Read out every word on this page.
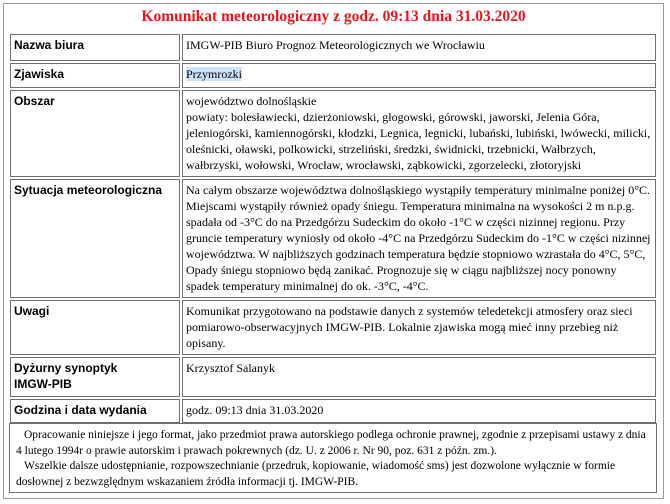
Komunikat meteorologiczny z godz. 09:13 dnia 31.03.2020
Nazwa biura	IMGW-PIB Biuro Prognoz Meteorologicznych we Wrocławiu
Zjawiska	Przymrozki
Obszar	województwo dolnośląskie
powiaty: bolesławiecki, dzierżoniowski, głogowski, górowski, jaworski, Jelenia Góra, jeleniogórski, kamiennogórski, kłodzki, Legnica, legnicki, lubański, lubiński, lwówecki, milicki, oleśnicki, oławski, polkowicki, strzeliński, średzki, świdnicki, trzebnicki, Wałbrzych, wałbrzyski, wołowski, Wrocław, wrocławski, ząbkowicki, zgorzelecki, złotoryjski

Sytuacja meteorologiczna	Na całym obszarze województwa dolnośląskiego wystąpiły temperatury minimalne poniżej 0°C. Miejscami wystąpiły również opady śniegu. Temperatura minimalna na wysokości 2 m n.p.g. spadała od -3°C do na Przedgórzu Sudeckim do około -1°C w części nizinnej regionu. Przy gruncie temperatury wyniosły od około -4°C na Przedgórzu Sudeckim do -1°C w części nizinnej województwa. W najbliższych godzinach temperatura będzie stopniowo wzrastała do 4°C, 5°C, Opady śniegu stopniowo będą zanikać. Prognozuje się w ciągu najbliższej nocy ponowny spadek temperatury minimalnej do ok. -3°C, -4°C.
Uwagi	Komunikat przygotowano na podstawie danych z systemów teledetekcji atmosfery oraz sieci pomiarowo-obserwacyjnych IMGW-PIB. Lokalnie zjawiska mogą mieć inny przebieg niż opisany.

Dyżurny synoptyk
IMGW-PIB	Krzysztof Salanyk
Godzina i data wydania	godz. 09:13 dnia 31.03.2020

Opracowanie niniejsze i jego format, jako przedmiot prawa autorskiego podlega ochronie prawnej, zgodnie z przepisami ustawy z dnia 4 lutego 1994r o prawie autorskim i prawach pokrewnych (dz. U. z 2006 r. Nr 90, poz. 631 z późn. zm.).

Wszelkie dalsze udostępnianie, rozpowszechnianie (przedruk, kopiowanie, wiadomość sms) jest dozwolone wyłącznie w formie dosłownej z bezwzględnym wskazaniem źródła informacji tj. IMGW-PIB.
